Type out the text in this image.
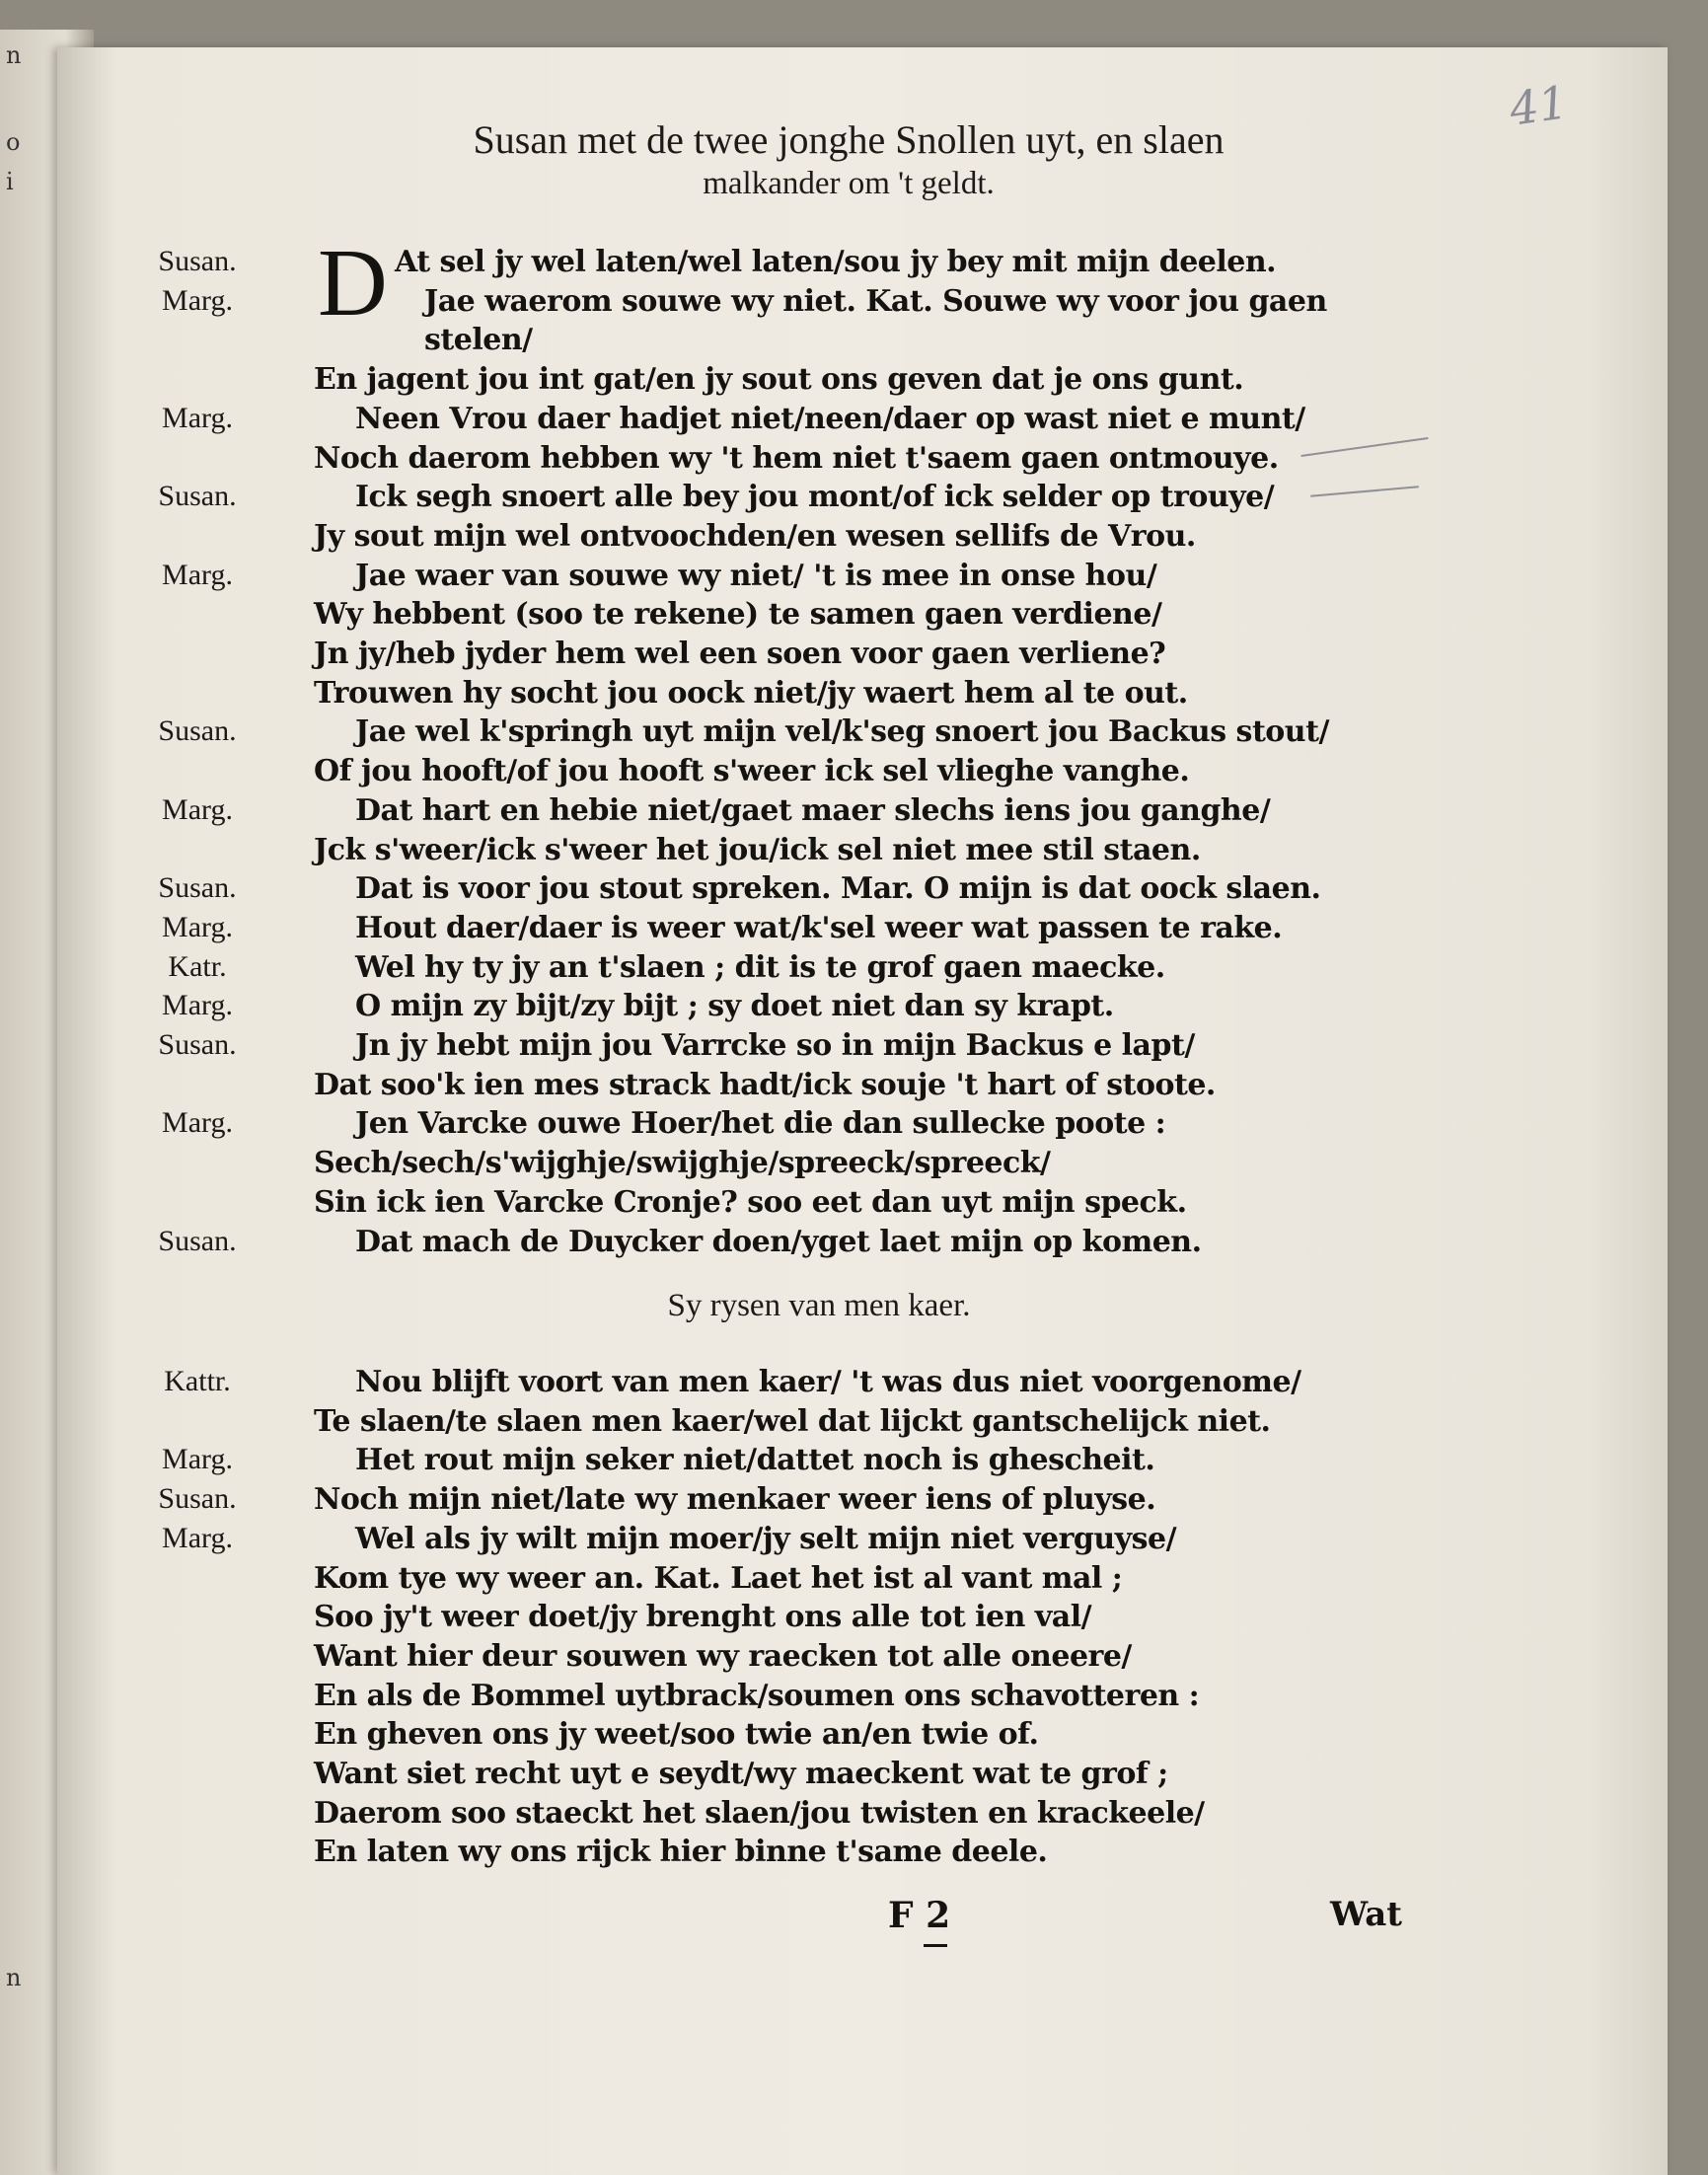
n
o
i
n
41
Susan met de twee jonghe Snollen uyt, en slaen
malkander om 't geldt.
D
Susan.	At sel jy wel laten/wel laten/sou jy bey mit mijn deelen.
Marg.	Jae waerom souwe wy niet. Kat. Souwe wy voor jou gaen
stelen/
En jagent jou int gat/en jy sout ons geven dat je ons gunt.
Marg.	Neen Vrou daer hadjet niet/neen/daer op wast niet e munt/
Noch daerom hebben wy 't hem niet t'saem gaen ontmouye.
Susan.	Ick segh snoert alle bey jou mont/of ick selder op trouye/
Jy sout mijn wel ontvoochden/en wesen sellifs de Vrou.
Marg.	Jae waer van souwe wy niet/ 't is mee in onse hou/
Wy hebbent (soo te rekene) te samen gaen verdiene/
Jn jy/heb jyder hem wel een soen voor gaen verliene?
Trouwen hy socht jou oock niet/jy waert hem al te out.
Susan.	Jae wel k'springh uyt mijn vel/k'seg snoert jou Backus stout/
Of jou hooft/of jou hooft s'weer ick sel vlieghe vanghe.
Marg.	Dat hart en hebie niet/gaet maer slechs iens jou ganghe/
Jck s'weer/ick s'weer het jou/ick sel niet mee stil staen.
Susan.	Dat is voor jou stout spreken. Mar. O mijn is dat oock slaen.
Marg.	Hout daer/daer is weer wat/k'sel weer wat passen te rake.
Katr.	Wel hy ty jy an t'slaen ; dit is te grof gaen maecke.
Marg.	O mijn zy bijt/zy bijt ; sy doet niet dan sy krapt.
Susan.	Jn jy hebt mijn jou Varrcke so in mijn Backus e lapt/
Dat soo'k ien mes strack hadt/ick souje 't hart of stoote.
Marg.	Jen Varcke ouwe Hoer/het die dan sullecke poote :
Sech/sech/s'wijghje/swijghje/spreeck/spreeck/
Sin ick ien Varcke Cronje? soo eet dan uyt mijn speck.
Susan.	Dat mach de Duycker doen/yget laet mijn op komen.
Kattr.	Nou blijft voort van men kaer/ 't was dus niet voorgenome/
Te slaen/te slaen men kaer/wel dat lijckt gantschelijck niet.
Marg.	Het rout mijn seker niet/dattet noch is ghescheit.
Susan.	Noch mijn niet/late wy menkaer weer iens of pluyse.
Marg.	Wel als jy wilt mijn moer/jy selt mijn niet verguyse/
Kom tye wy weer an. Kat. Laet het ist al vant mal ;
Soo jy't weer doet/jy brenght ons alle tot ien val/
Want hier deur souwen wy raecken tot alle oneere/
En als de Bommel uytbrack/soumen ons schavotteren :
En gheven ons jy weet/soo twie an/en twie of.
Want siet recht uyt e seydt/wy maeckent wat te grof ;
Daerom soo staeckt het slaen/jou twisten en krackeele/
En laten wy ons rijck hier binne t'same deele.
Sy rysen van men kaer.
F 2	Wat
